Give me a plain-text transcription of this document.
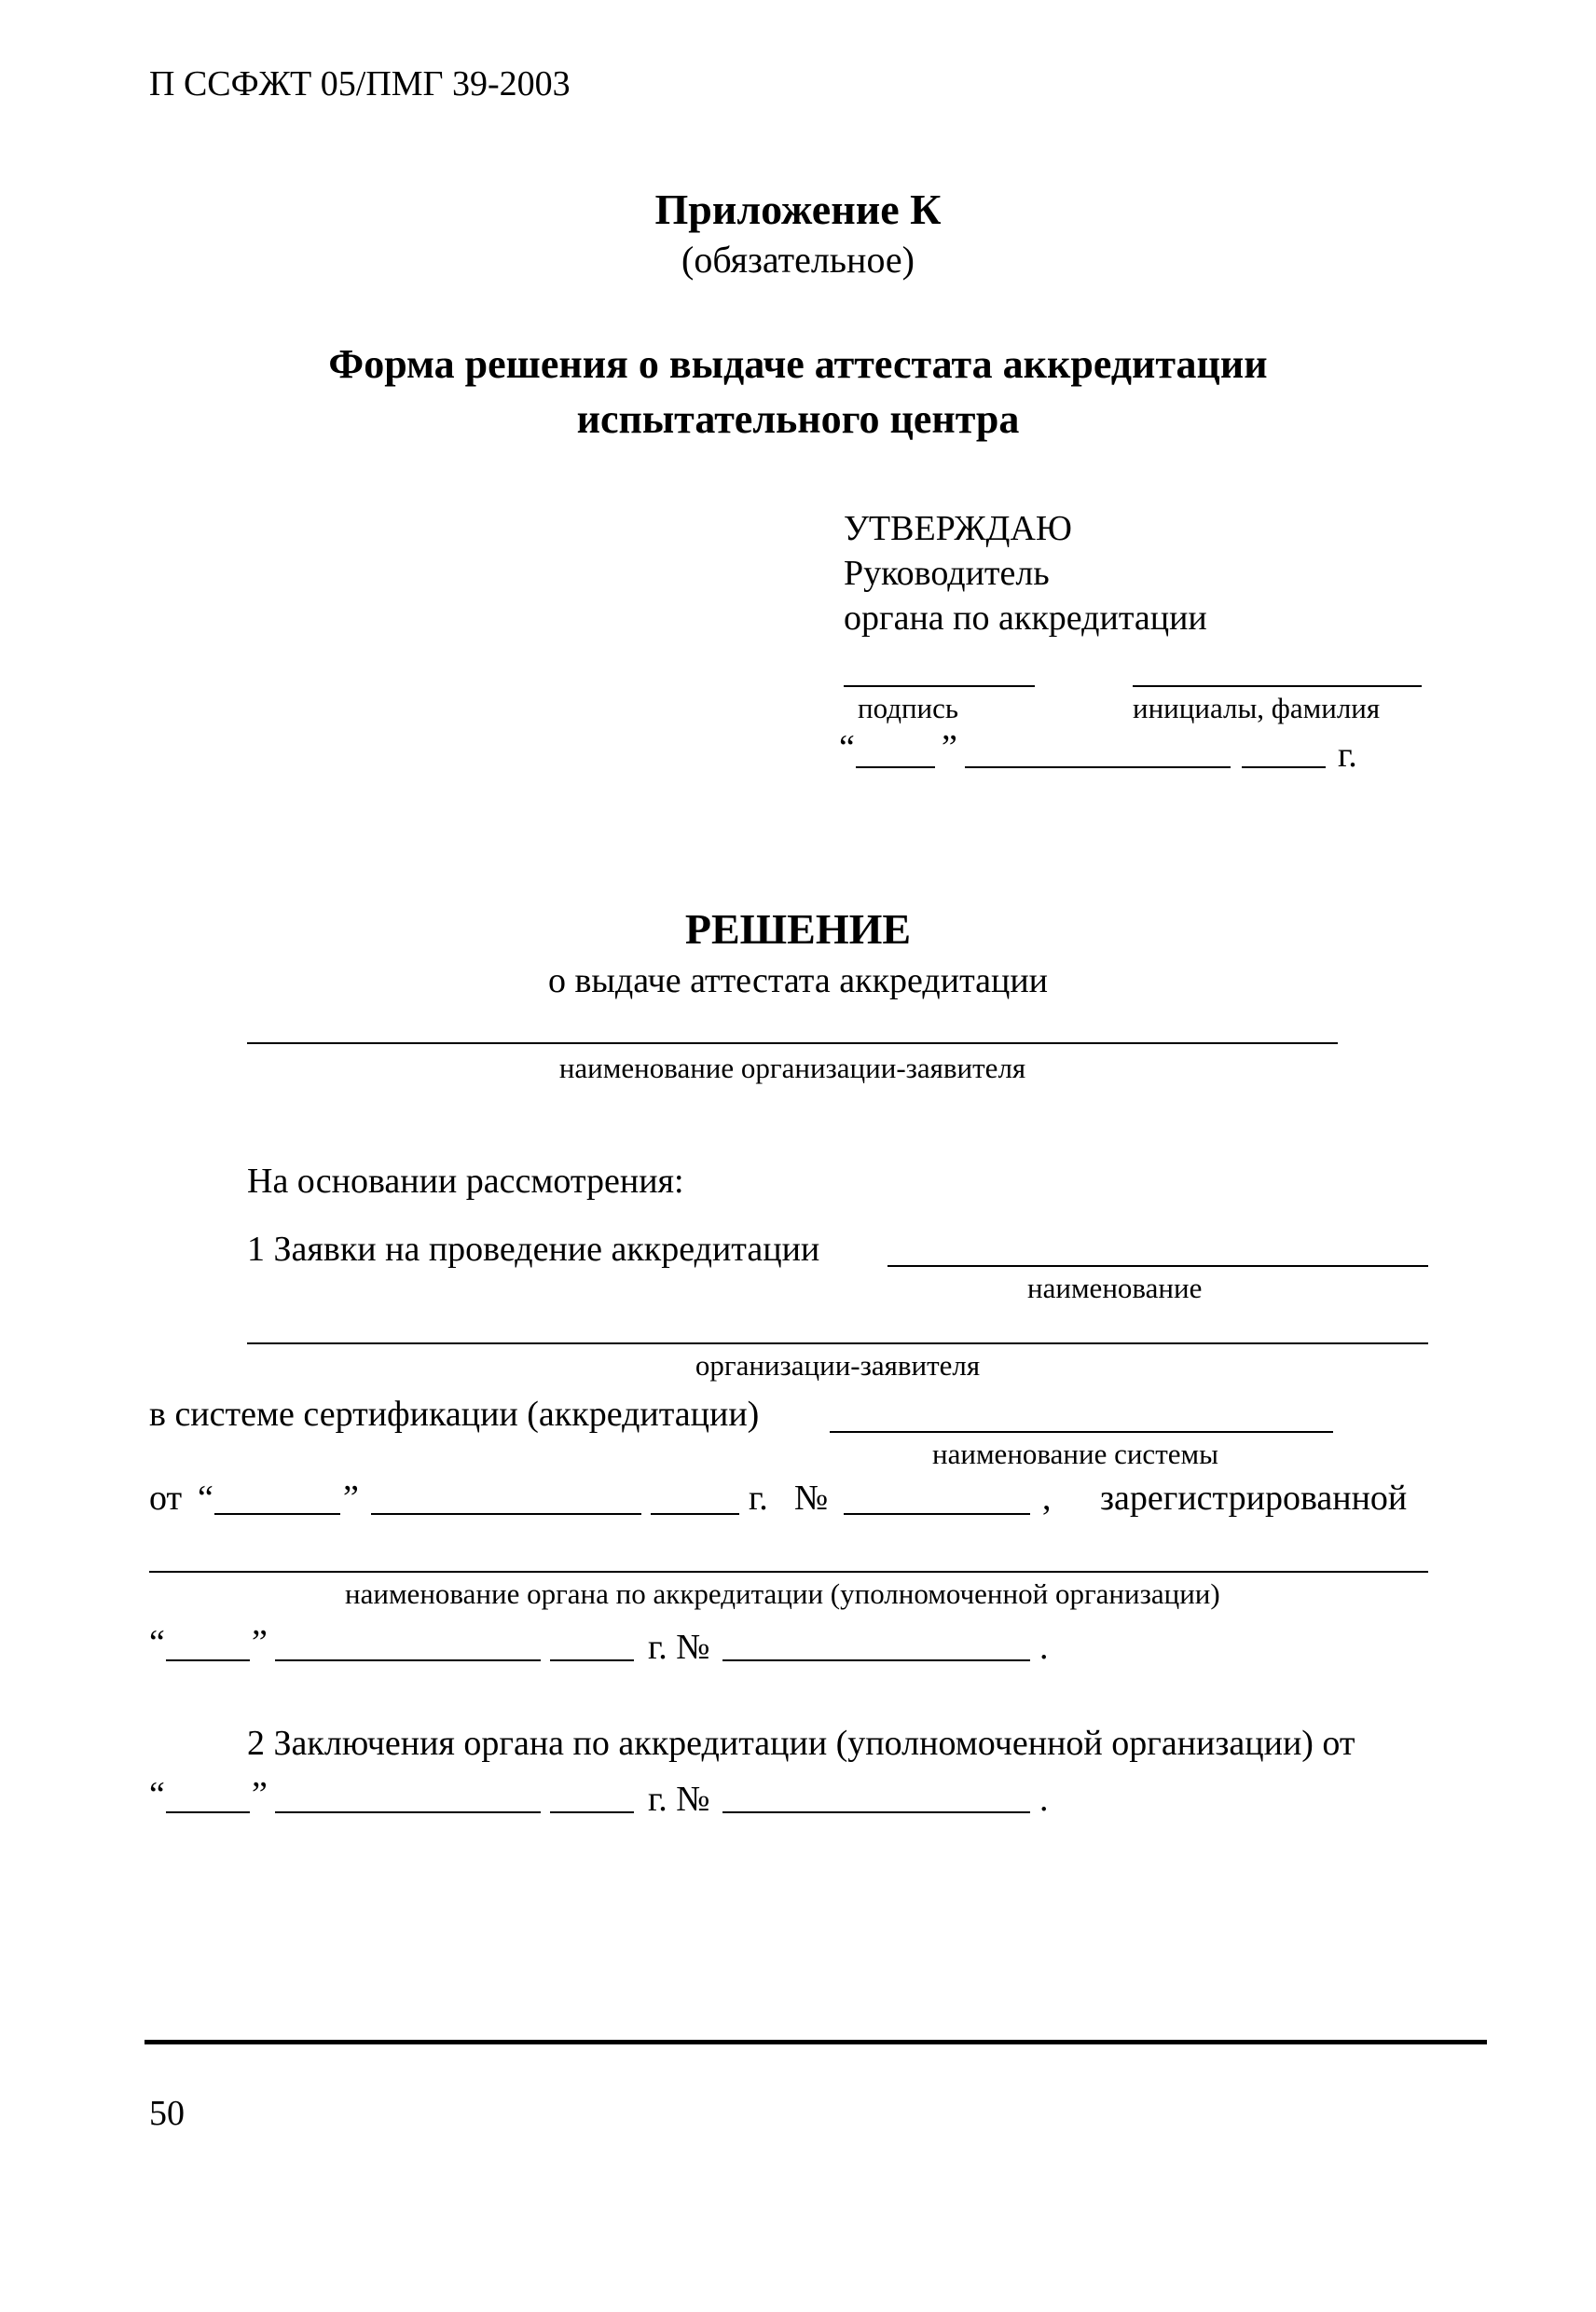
П ССФЖТ 05/ПМГ 39-2003
Приложение К
(обязательное)
Форма решения о выдаче аттестата аккредитации
испытательного центра
УТВЕРЖДАЮ
Руководитель
органа по аккредитации
подпись	инициалы, фамилия
“ ”	г.
РЕШЕНИЕ
о выдаче аттестата аккредитации
наименование организации-заявителя
На основании рассмотрения:
1 Заявки на проведение аккредитации
наименование
организации-заявителя
в системе сертификации (аккредитации)
наименование системы
от “	”	г. №	, зарегистрированной
наименование органа по аккредитации (уполномоченной организации)
“ ”	г. №	.
2 Заключения органа по аккредитации (уполномоченной организации) от
“ ”	г. №	.
50
